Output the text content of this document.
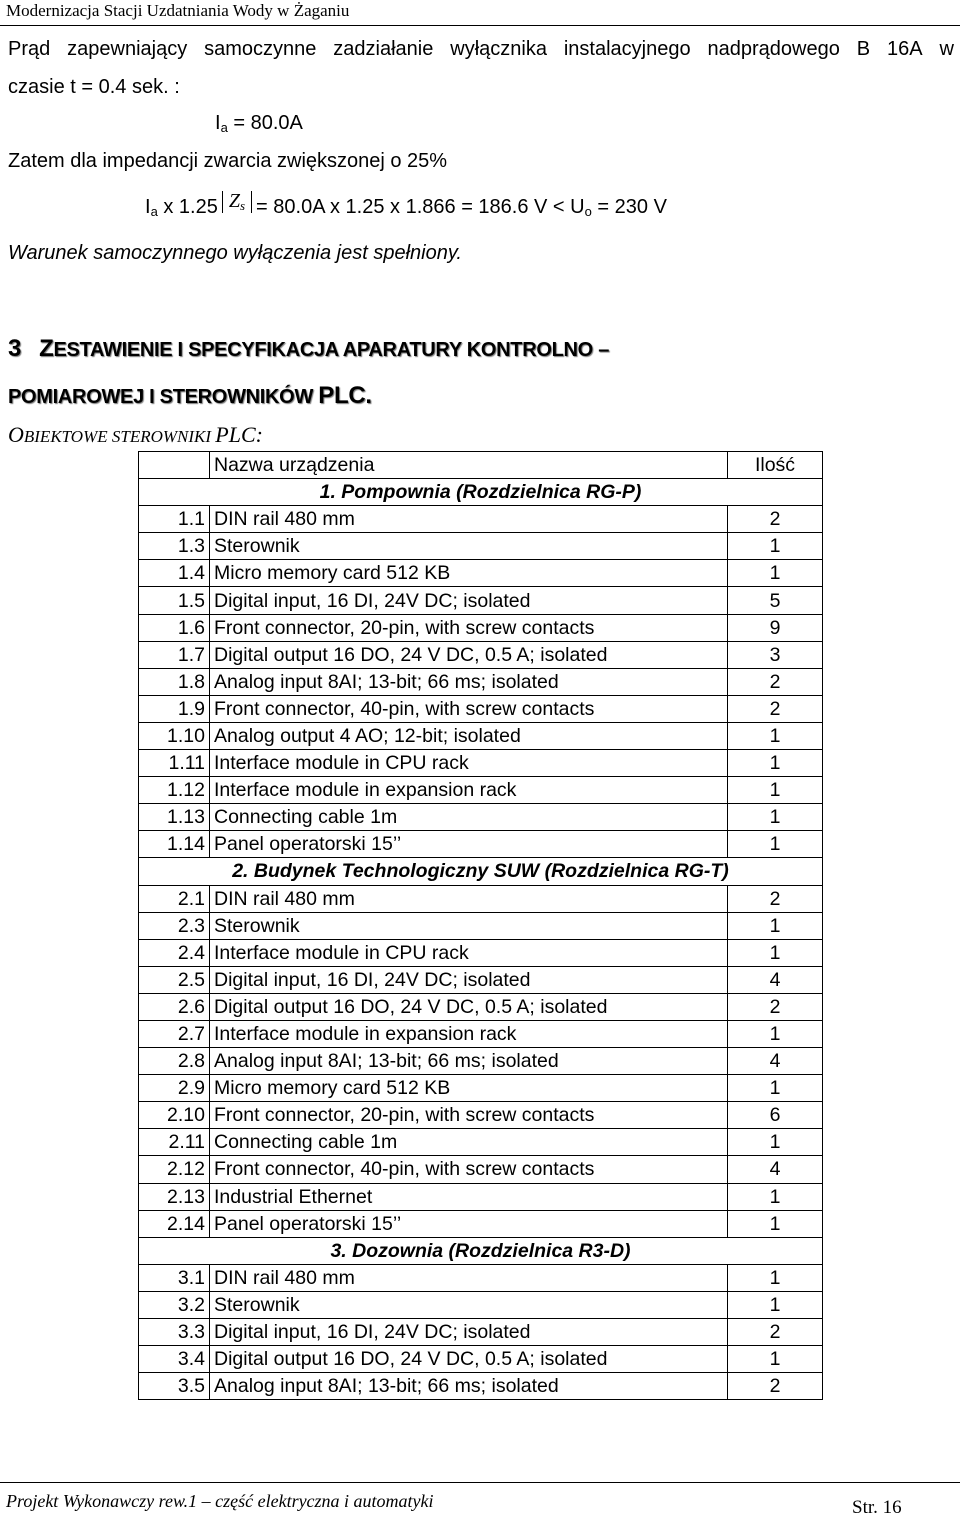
Modernizacja Stacji Uzdatniania Wody w Żaganiu
Prąd zapewniający samoczynne zadziałanie wyłącznika instalacyjnego nadprądowego B 16A w
czasie t = 0.4 sek. :
$I_a = 80.0A$
Zatem dla impedancji zwarcia zwiększonej o 25%
$I_a$ x 1.25 $Z_s = 80.0A$ x 1.25 x 1.866 = 186.6 $V < U_o = 230$ V
Warunek samoczynnego wyłączenia jest spełniony.
3 ZESTAWIENIE I SPECYFIKACJA APARATURY KONTROLNO –
POMIAROWEJ I STEROWNIKÓW PLC.
OBIEKTOWE STEROWNIKI PLC:
	Nazwa urządzenia	Ilość
1. Pompownia (Rozdzielnica RG-P)		
1.1	DIN rail 480 mm	2
1.3	Sterownik	1
1.4	Micro memory card 512 KB	1
1.5	Digital input, 16 DI, 24V DC; isolated	5
1.6	Front connector, 20-pin, with screw contacts	9
1.7	Digital output 16 DO, 24 V DC, 0.5 A; isolated	3
1.8	Analog input 8AI; 13-bit; 66 ms; isolated	2
1.9	Front connector, 40-pin, with screw contacts	2
1.10	Analog output 4 AO; 12-bit; isolated	1
1.11	Interface module in CPU rack	1
1.12	Interface module in expansion rack	1
1.13	Connecting cable 1m	1
1.14	Panel operatorski 15’’	1
2. Budynek Technologiczny SUW (Rozdzielnica RG-T)		
2.1	DIN rail 480 mm	2
2.3	Sterownik	1
2.4	Interface module in CPU rack	1
2.5	Digital input, 16 DI, 24V DC; isolated	4
2.6	Digital output 16 DO, 24 V DC, 0.5 A; isolated	2
2.7	Interface module in expansion rack	1
2.8	Analog input 8AI; 13-bit; 66 ms; isolated	4
2.9	Micro memory card 512 KB	1
2.10	Front connector, 20-pin, with screw contacts	6
2.11	Connecting cable 1m	1
2.12	Front connector, 40-pin, with screw contacts	4
2.13	Industrial Ethernet	1
2.14	Panel operatorski 15’’	1
3. Dozownia (Rozdzielnica R3-D)		
3.1	DIN rail 480 mm	1
3.2	Sterownik	1
3.3	Digital input, 16 DI, 24V DC; isolated	2
3.4	Digital output 16 DO, 24 V DC, 0.5 A; isolated	1
3.5	Analog input 8AI; 13-bit; 66 ms; isolated	2
Projekt Wykonawczy rew.1 – część elektryczna i automatyki	Str. 16
